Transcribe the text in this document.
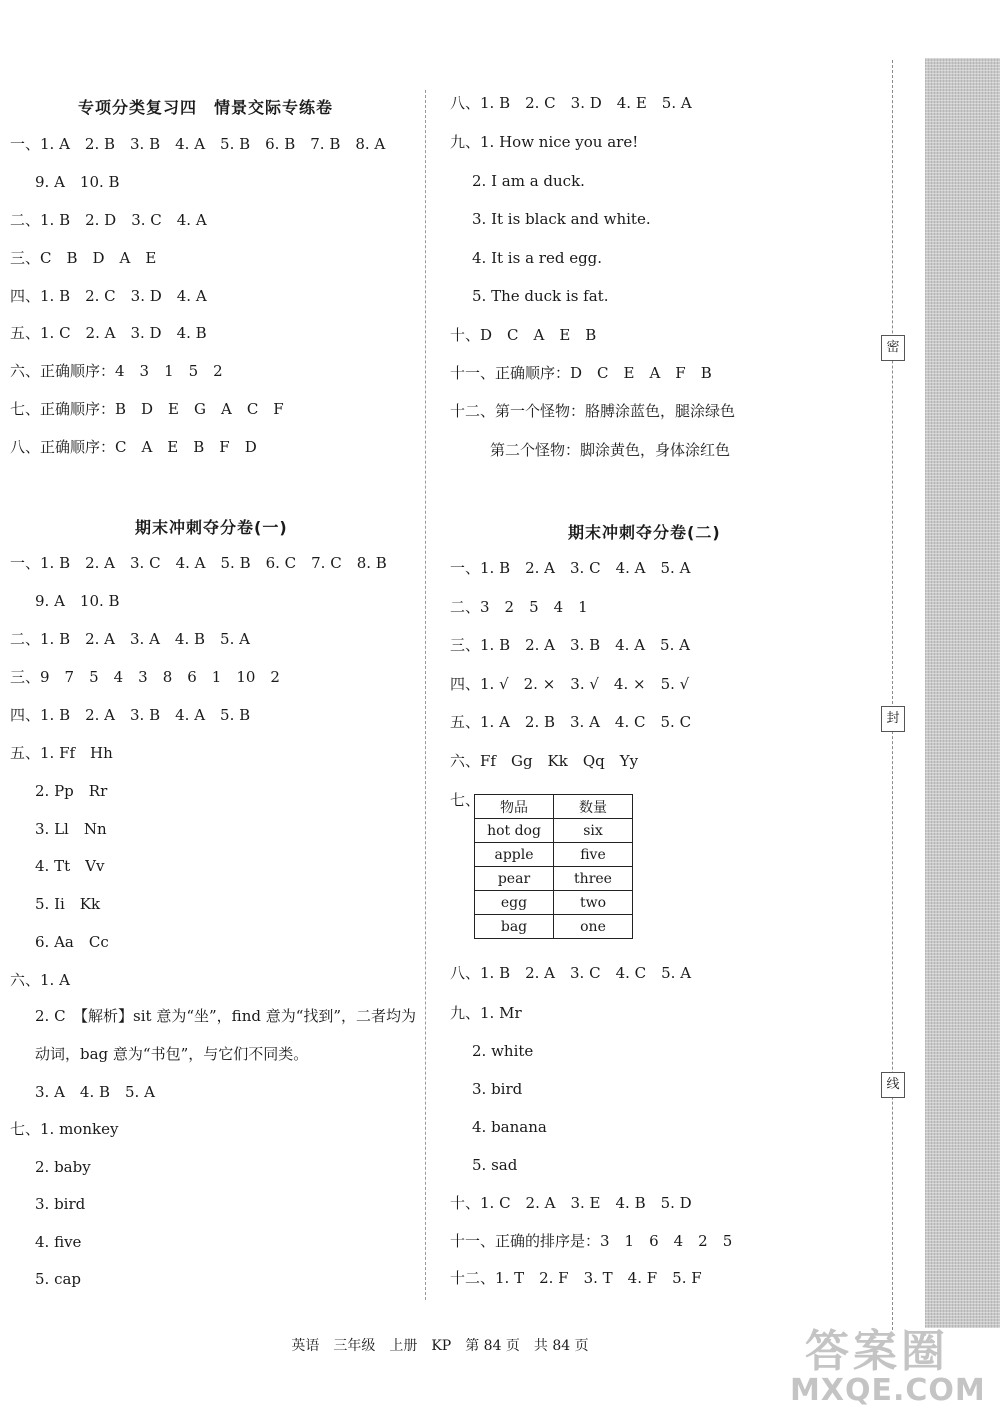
密
封
线
专项分类复习四　情景交际专练卷
一、1. A　2. B　3. B　4. A　5. B　6. B　7. B　8. A
9. A　10. B
二、1. B　2. D　3. C　4. A
三、C　B　D　A　E
四、1. B　2. C　3. D　4. A
五、1. C　2. A　3. D　4. B
六、正确顺序：4　3　1　5　2
七、正确顺序：B　D　E　G　A　C　F
八、正确顺序：C　A　E　B　F　D
期末冲刺夺分卷(一)
一、1. B　2. A　3. C　4. A　5. B　6. C　7. C　8. B
9. A　10. B
二、1. B　2. A　3. A　4. B　5. A
三、9　7　5　4　3　8　6　1　10　2
四、1. B　2. A　3. B　4. A　5. B
五、1. Ff　Hh
2. Pp　Rr
3. Ll　Nn
4. Tt　Vv
5. Ii　Kk
6. Aa　Cc
六、1. A
2. C　【解析】sit 意为“坐”，find 意为“找到”，二者均为
动词，bag 意为“书包”，与它们不同类。
3. A　4. B　5. A
七、1. monkey
2. baby
3. bird
4. five
5. cap
八、1. B　2. C　3. D　4. E　5. A
九、1. How nice you are!
2. I am a duck.
3. It is black and white.
4. It is a red egg.
5. The duck is fat.
十、D　C　A　E　B
十一、正确顺序：D　C　E　A　F　B
十二、第一个怪物：胳膊涂蓝色，腿涂绿色
第二个怪物：脚涂黄色，身体涂红色
期末冲刺夺分卷(二)
一、1. B　2. A　3. C　4. A　5. A
二、3　2　5　4　1
三、1. B　2. A　3. B　4. A　5. A
四、1. √　2. ×　3. √　4. ×　5. √
五、1. A　2. B　3. A　4. C　5. C
六、Ff　Gg　Kk　Qq　Yy
七、
八、1. B　2. A　3. C　4. C　5. A
九、1. Mr
2. white
3. bird
4. banana
5. sad
十、1. C　2. A　3. E　4. B　5. D
十一、正确的排序是：3　1　6　4　2　5
十二、1. T　2. F　3. T　4. F　5. F
物品	数量
hot dog	six
apple	five
pear	three
egg	two
bag	one
英语　三年级　上册　KP　第 84 页　共 84 页	答案圈
MXQE.COM
